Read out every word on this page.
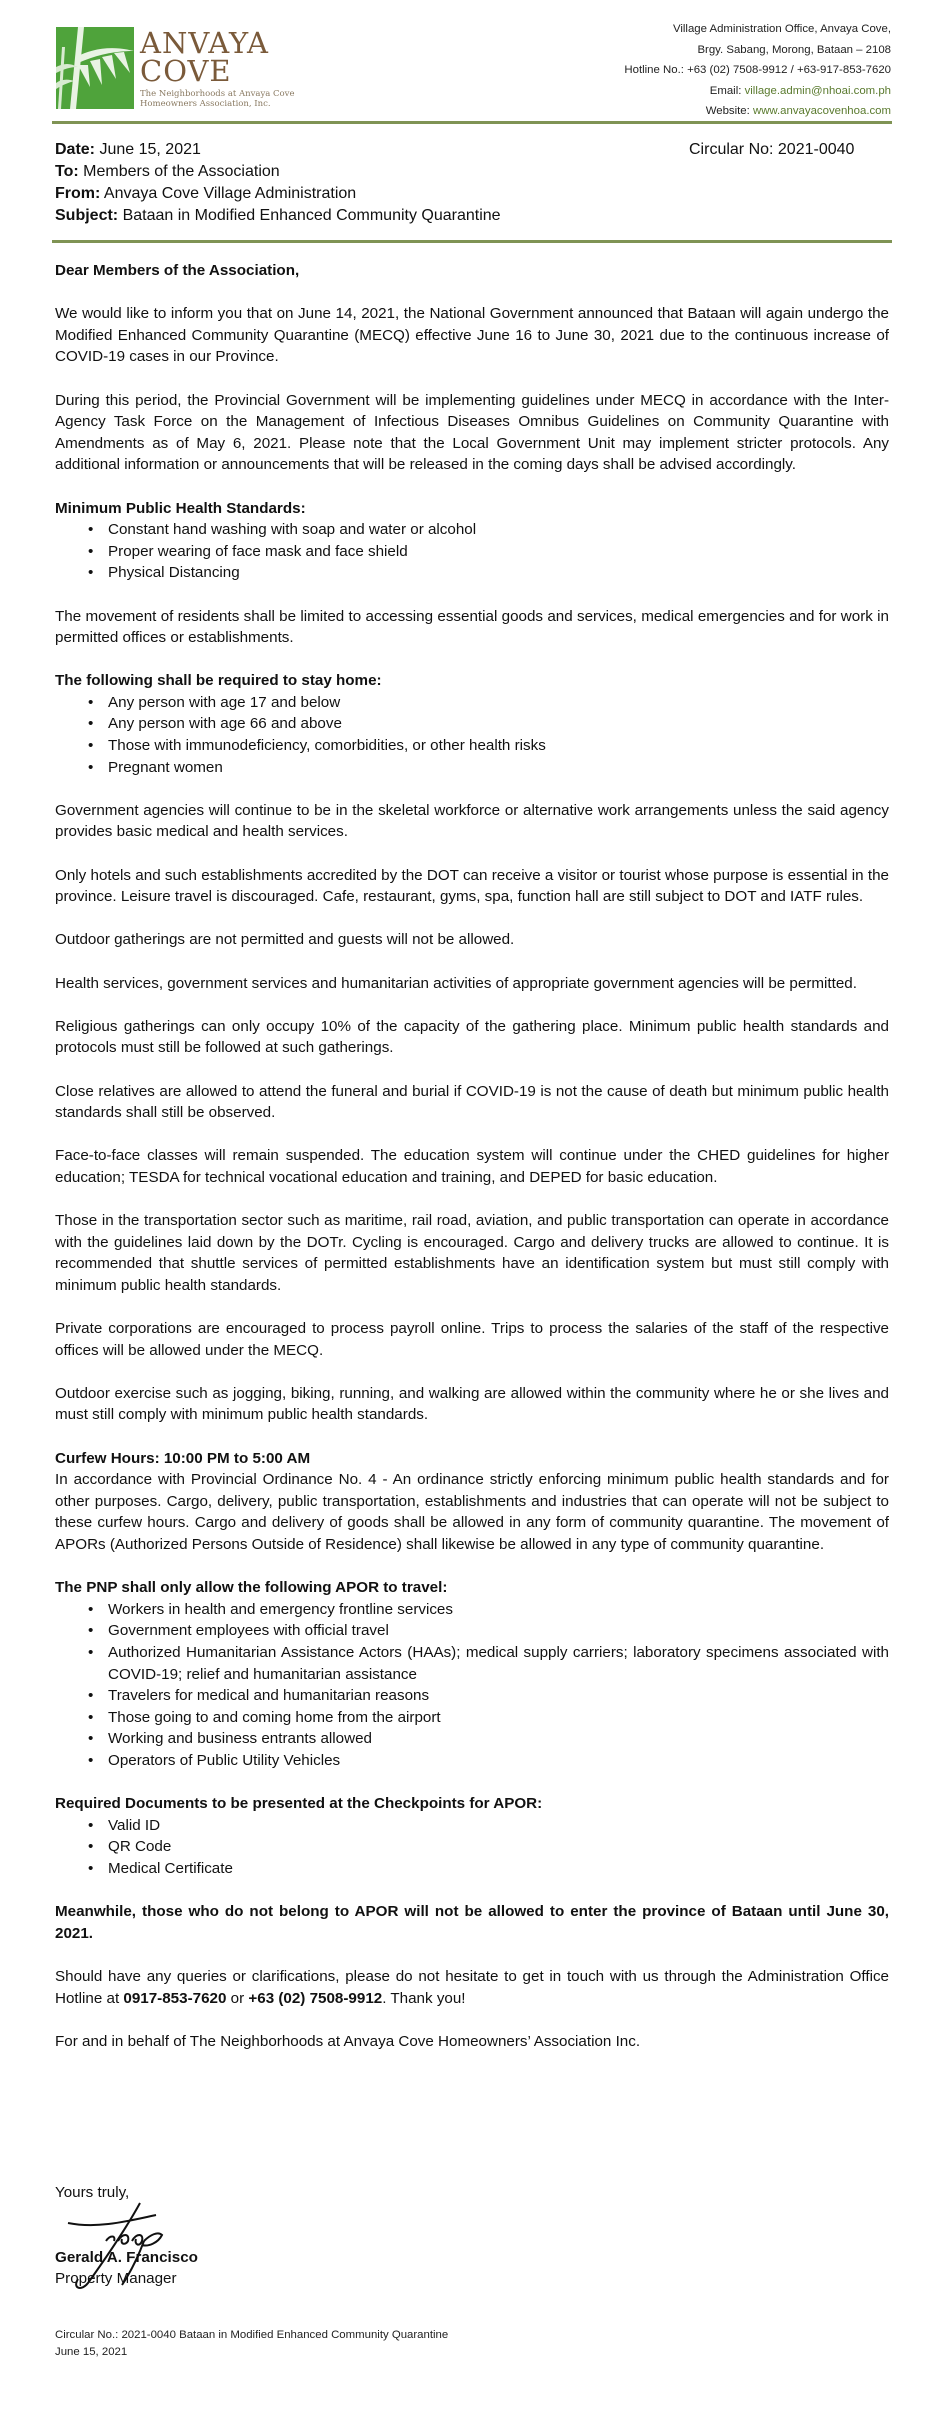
ANVAYA
COVE
The Neighborhoods at Anvaya Cove
Homeowners Association, Inc.
Village Administration Office, Anvaya Cove,
Brgy. Sabang, Morong, Bataan – 2108
Hotline No.: +63 (02) 7508-9912 / +63-917-853-7620
Email: village.admin@nhoai.com.ph
Website: www.anvayacovenhoa.com
Date: June 15, 2021
To: Members of the Association
From: Anvaya Cove Village Administration
Subject: Bataan in Modified Enhanced Community Quarantine
Circular No: 2021-0040

Dear Members of the Association,

We would like to inform you that on June 14, 2021, the National Government announced that Bataan will again undergo the Modified Enhanced Community Quarantine (MECQ) effective June 16 to June 30, 2021 due to the continuous increase of COVID-19 cases in our Province.

During this period, the Provincial Government will be implementing guidelines under MECQ in accordance with the Inter-Agency Task Force on the Management of Infectious Diseases Omnibus Guidelines on Community Quarantine with Amendments as of May 6, 2021. Please note that the Local Government Unit may implement stricter protocols. Any additional information or announcements that will be released in the coming days shall be advised accordingly.

Minimum Public Health Standards:

• Constant hand washing with soap and water or alcohol
• Proper wearing of face mask and face shield
• Physical Distancing

The movement of residents shall be limited to accessing essential goods and services, medical emergencies and for work in permitted offices or establishments.

The following shall be required to stay home:

• Any person with age 17 and below
• Any person with age 66 and above
• Those with immunodeficiency, comorbidities, or other health risks
• Pregnant women

Government agencies will continue to be in the skeletal workforce or alternative work arrangements unless the said agency provides basic medical and health services.

Only hotels and such establishments accredited by the DOT can receive a visitor or tourist whose purpose is essential in the province. Leisure travel is discouraged. Cafe, restaurant, gyms, spa, function hall are still subject to DOT and IATF rules.

Outdoor gatherings are not permitted and guests will not be allowed.

Health services, government services and humanitarian activities of appropriate government agencies will be permitted.

Religious gatherings can only occupy 10% of the capacity of the gathering place. Minimum public health standards and protocols must still be followed at such gatherings.

Close relatives are allowed to attend the funeral and burial if COVID-19 is not the cause of death but minimum public health standards shall still be observed.

Face-to-face classes will remain suspended. The education system will continue under the CHED guidelines for higher education; TESDA for technical vocational education and training, and DEPED for basic education.

Those in the transportation sector such as maritime, rail road, aviation, and public transportation can operate in accordance with the guidelines laid down by the DOTr. Cycling is encouraged. Cargo and delivery trucks are allowed to continue. It is recommended that shuttle services of permitted establishments have an identification system but must still comply with minimum public health standards.

Private corporations are encouraged to process payroll online. Trips to process the salaries of the staff of the respective offices will be allowed under the MECQ.

Outdoor exercise such as jogging, biking, running, and walking are allowed within the community where he or she lives and must still comply with minimum public health standards.

Curfew Hours: 10:00 PM to 5:00 AM

In accordance with Provincial Ordinance No. 4 - An ordinance strictly enforcing minimum public health standards and for other purposes. Cargo, delivery, public transportation, establishments and industries that can operate will not be subject to these curfew hours. Cargo and delivery of goods shall be allowed in any form of community quarantine. The movement of APORs (Authorized Persons Outside of Residence) shall likewise be allowed in any type of community quarantine.

The PNP shall only allow the following APOR to travel:

• Workers in health and emergency frontline services
• Government employees with official travel
• Authorized Humanitarian Assistance Actors (HAAs); medical supply carriers; laboratory specimens associated with COVID-19; relief and humanitarian assistance
• Travelers for medical and humanitarian reasons
• Those going to and coming home from the airport
• Working and business entrants allowed
• Operators of Public Utility Vehicles

Required Documents to be presented at the Checkpoints for APOR:

• Valid ID
• QR Code
• Medical Certificate

Meanwhile, those who do not belong to APOR will not be allowed to enter the province of Bataan until June 30, 2021.

Should have any queries or clarifications, please do not hesitate to get in touch with us through the Administration Office Hotline at 0917-853-7620 or +63 (02) 7508-9912. Thank you!

For and in behalf of The Neighborhoods at Anvaya Cove Homeowners’ Association Inc.

Yours truly,
Gerald A. Francisco
Property Manager
Circular No.: 2021-0040 Bataan in Modified Enhanced Community Quarantine
June 15, 2021
